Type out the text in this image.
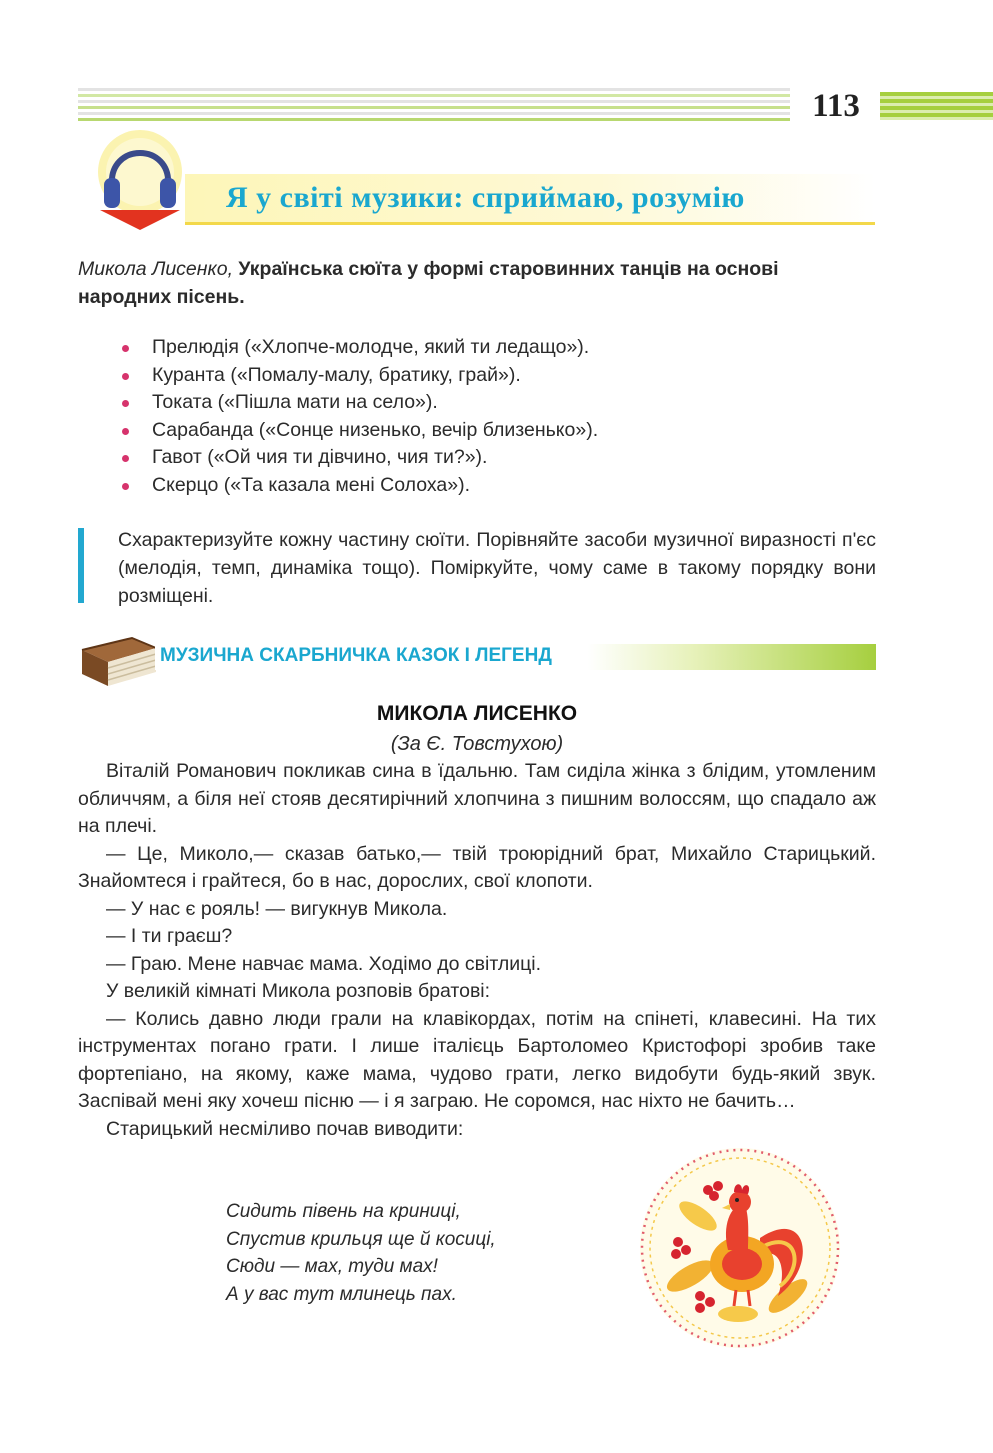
113
Я у світі музики: сприймаю, розумію
Микола Лисенко, Українська сюїта у формі старовинних танців на основі народних пісень.
Прелюдія («Хлопче-молодче, який ти ледащо»).
Куранта («Помалу-малу, братику, грай»).
Токата («Пішла мати на село»).
Сарабанда («Сонце низенько, вечір близенько»).
Гавот («Ой чия ти дівчино, чия ти?»).
Скерцо («Та казала мені Солоха»).
Схарактеризуйте кожну частину сюїти. Порівняйте засоби музичної виразності п'єс (мелодія, темп, динаміка тощо). Поміркуйте, чому саме в такому порядку вони розміщені.
МУЗИЧНА СКАРБНИЧКА КАЗОК І ЛЕГЕНД
МИКОЛА ЛИСЕНКО
(За Є. Товстухою)

Віталій Романович покликав сина в їдальню. Там сиділа жінка з блідим, утомленим обличчям, а біля неї стояв десятирічний хлопчина з пишним волоссям, що спадало аж на плечі.

— Це, Миколо,— сказав батько,— твій троюрідний брат, Михайло Старицький. Знайомтеся і грайтеся, бо в нас, дорослих, свої клопоти.

— У нас є рояль! — вигукнув Микола.

— І ти граєш?

— Граю. Мене навчає мама. Ходімо до світлиці.

У великій кімнаті Микола розповів братові:

— Колись давно люди грали на клавікордах, потім на спінеті, клавесині. На тих інструментах погано грати. І лише італієць Бартоломео Кристофорі зробив таке фортепіано, на якому, каже мама, чудово грати, легко видобути будь-який звук. Заспівай мені яку хочеш пісню — і я заграю. Не соромся, нас ніхто не бачить…

Старицький несміливо почав виводити:

Сидить півень на криниці,
Спустив крильця ще й косиці,
Сюди — мах, туди мах!
А у вас тут млинець пах.
